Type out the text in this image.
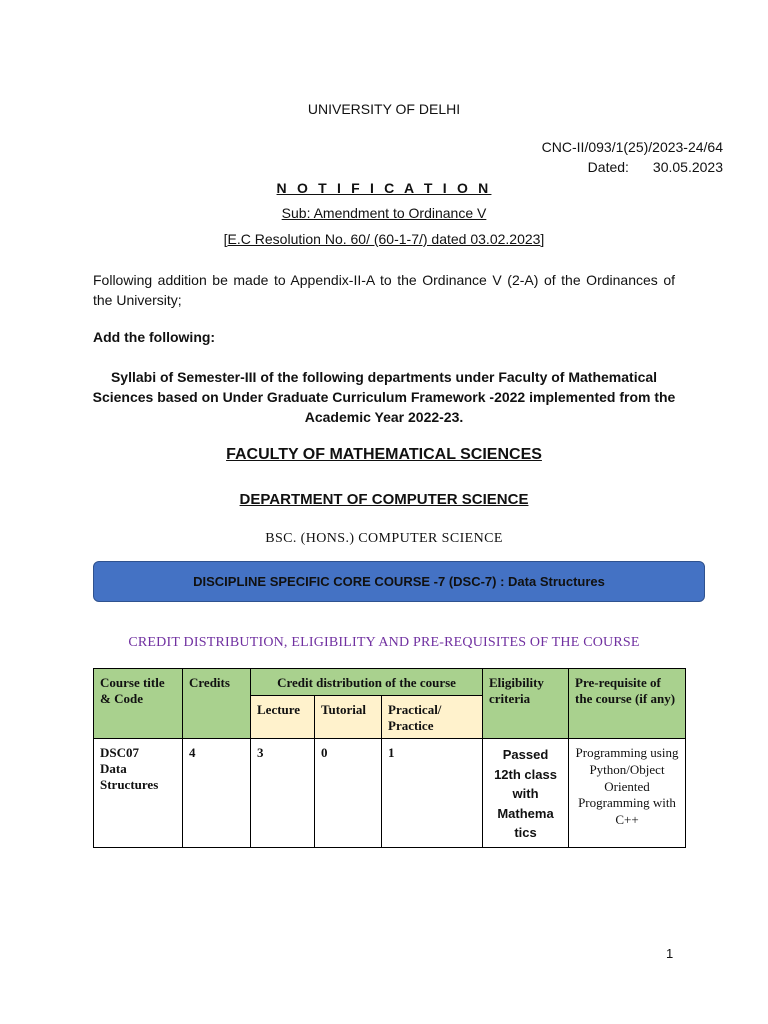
UNIVERSITY OF DELHI
CNC-II/093/1(25)/2023-24/64
Dated: 30.05.2023
N O T I F I C A T I O N
Sub: Amendment to Ordinance V
[E.C Resolution No. 60/ (60-1-7/) dated 03.02.2023]
Following addition be made to Appendix-II-A to the Ordinance V (2-A) of the Ordinances of the University;
Add the following:
Syllabi of Semester-III of the following departments under Faculty of Mathematical Sciences based on Under Graduate Curriculum Framework -2022 implemented from the Academic Year 2022-23.
FACULTY OF MATHEMATICAL SCIENCES
DEPARTMENT OF COMPUTER SCIENCE
BSC. (HONS.) COMPUTER SCIENCE
DISCIPLINE SPECIFIC CORE COURSE -7 (DSC-7) : Data Structures
CREDIT DISTRIBUTION, ELIGIBILITY AND PRE-REQUISITES OF THE COURSE
Course title & Code	Credits	Credit distribution of the course			Eligibility criteria	Pre-requisite of the course (if any)
		Lecture	Tutorial	Practical/ Practice		

DSC07
Data Structures	4	3	0	1	Passed 12th class with Mathema tics	Programming using Python/Object Oriented Programming with C++
1
